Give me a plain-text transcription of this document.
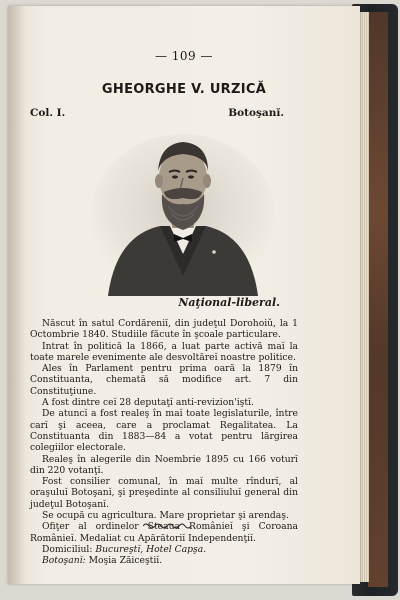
— 109 —
GHEORGHE V. URZICĂ
Col. I.	Botoşanĭ.
Naţional-liberal.

Născut în satul Cordăreniĭ, din judeţul Dorohoiŭ, la 1 Octombrie 1840. Studiile făcute în şcoale particulare.

Intrat în politică la 1866, a luat parte activă maĭ la toate marele evenimente ale desvoltăreĭ noastre politice.

Ales în Parlament pentru prima oară la 1879 în Constituanta, chemată să modifice art. 7 din Constituţiune.

A fost dintre ceĭ 28 deputaţĭ anti-revizion'iştĭ.

De atuncĭ a fost realeş în maĭ toate legislaturile, între carĭ şi aceea, care a proclamat Regalitatea. La Constituanta din 1883—84 a votat pentru lărgirea colegiilor electorale.

Realeş în alegerile din Noembrie 1895 cu 166 voturĭ din 220 votanţĭ.

Fost consilier comunal, în maĭ multe rîndurĭ, al oraşuluĭ Botoşanĭ, şi preşedinte al consiliuluĭ general din judeţul Botoşanĭ.

Se ocupă cu agricultura. Mare proprietar şi arendaş.

Ofiţer al ordinelor Steaua Românieĭ şi Coroana Românieĭ. Medaliat cu Apărătoriĭ Independenţiĭ.

Domiciliul: Bucureştĭ, Hotel Capşa.

Botoşanĭ: Moşia Zăiceştiĭ.
